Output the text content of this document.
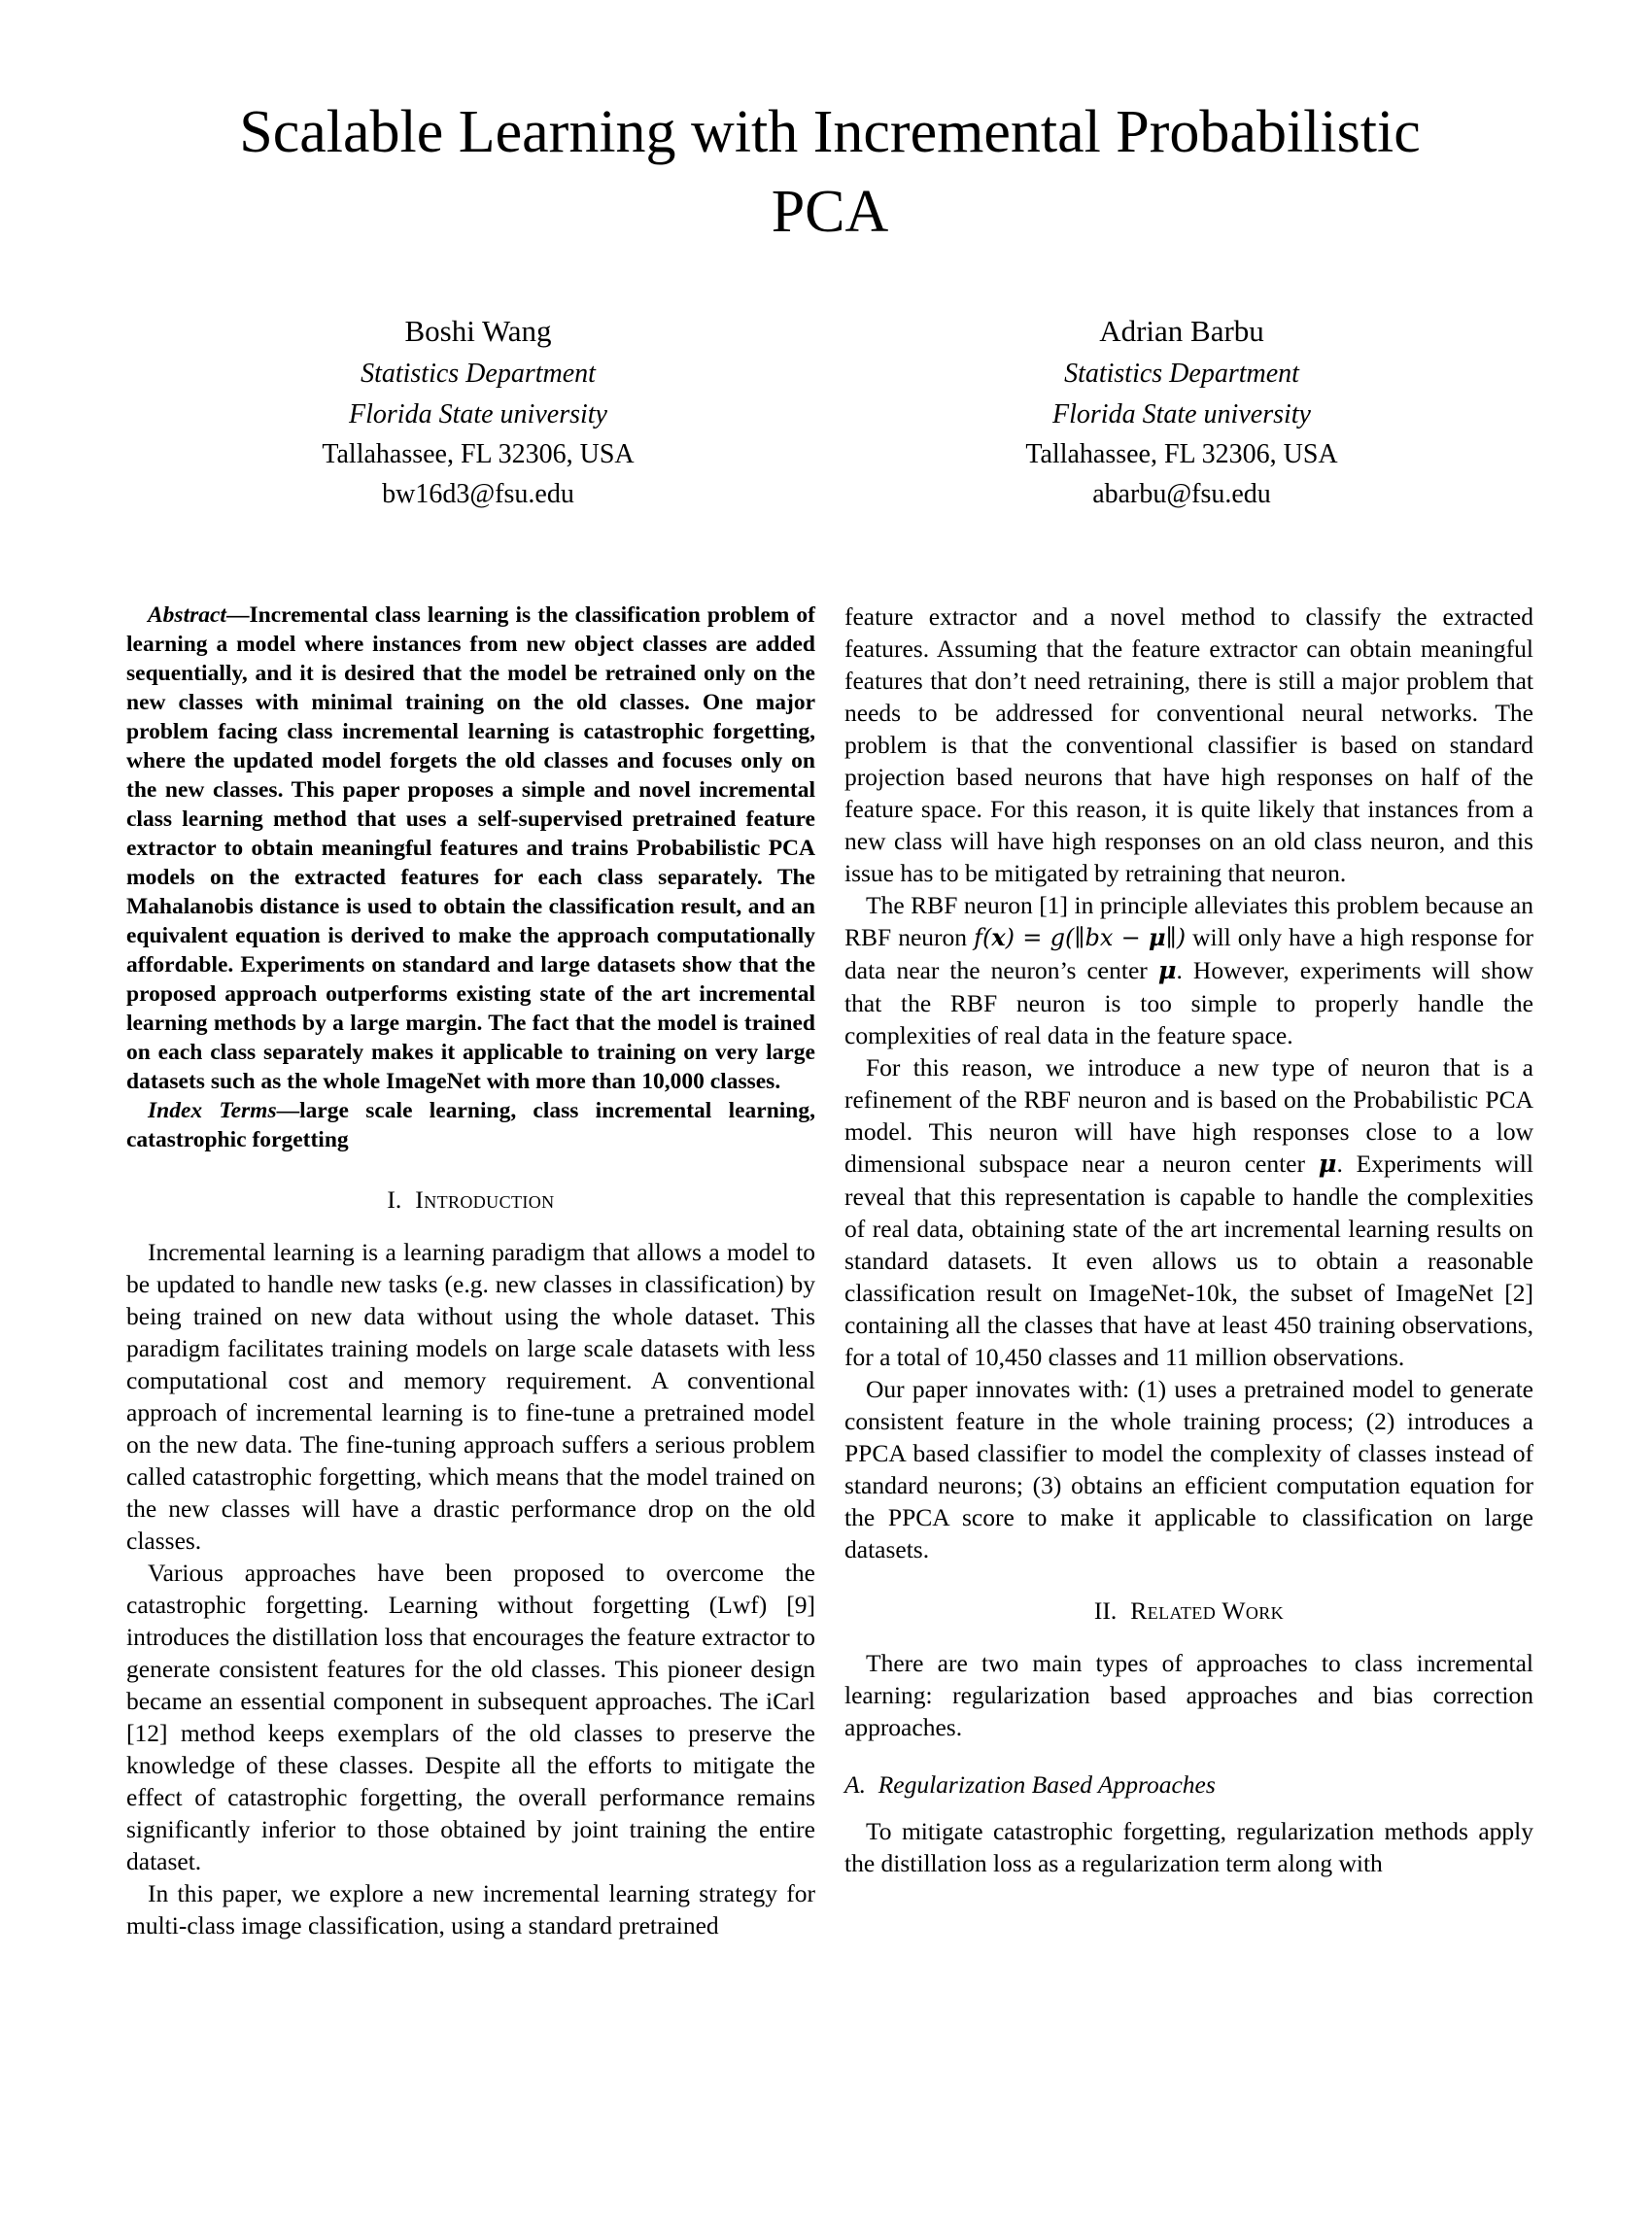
Scalable Learning with Incremental Probabilistic PCA
Boshi Wang
Statistics Department
Florida State university
Tallahassee, FL 32306, USA
bw16d3@fsu.edu
Adrian Barbu
Statistics Department
Florida State university
Tallahassee, FL 32306, USA
abarbu@fsu.edu

Abstract—Incremental class learning is the classification problem of learning a model where instances from new object classes are added sequentially, and it is desired that the model be retrained only on the new classes with minimal training on the old classes. One major problem facing class incremental learning is catastrophic forgetting, where the updated model forgets the old classes and focuses only on the new classes. This paper proposes a simple and novel incremental class learning method that uses a self-supervised pretrained feature extractor to obtain meaningful features and trains Probabilistic PCA models on the extracted features for each class separately. The Mahalanobis distance is used to obtain the classification result, and an equivalent equation is derived to make the approach computationally affordable. Experiments on standard and large datasets show that the proposed approach outperforms existing state of the art incremental learning methods by a large margin. The fact that the model is trained on each class separately makes it applicable to training on very large datasets such as the whole ImageNet with more than 10,000 classes.

Index Terms—large scale learning, class incremental learning, catastrophic forgetting

I. Introduction

Incremental learning is a learning paradigm that allows a model to be updated to handle new tasks (e.g. new classes in classification) by being trained on new data without using the whole dataset. This paradigm facilitates training models on large scale datasets with less computational cost and memory requirement. A conventional approach of incremental learning is to fine-tune a pretrained model on the new data. The fine-tuning approach suffers a serious problem called catastrophic forgetting, which means that the model trained on the new classes will have a drastic performance drop on the old classes.

Various approaches have been proposed to overcome the catastrophic forgetting. Learning without forgetting (Lwf) [9] introduces the distillation loss that encourages the feature extractor to generate consistent features for the old classes. This pioneer design became an essential component in subsequent approaches. The iCarl [12] method keeps exemplars of the old classes to preserve the knowledge of these classes. Despite all the efforts to mitigate the effect of catastrophic forgetting, the overall performance remains significantly inferior to those obtained by joint training the entire dataset.

In this paper, we explore a new incremental learning strategy for multi-class image classification, using a standard pretrained

feature extractor and a novel method to classify the extracted features. Assuming that the feature extractor can obtain meaningful features that don’t need retraining, there is still a major problem that needs to be addressed for conventional neural networks. The problem is that the conventional classifier is based on standard projection based neurons that have high responses on half of the feature space. For this reason, it is quite likely that instances from a new class will have high responses on an old class neuron, and this issue has to be mitigated by retraining that neuron.

The RBF neuron [1] in principle alleviates this problem because an RBF neuron f(x) = g(∥bx − μ∥) will only have a high response for data near the neuron’s center μ. However, experiments will show that the RBF neuron is too simple to properly handle the complexities of real data in the feature space.

For this reason, we introduce a new type of neuron that is a refinement of the RBF neuron and is based on the Probabilistic PCA model. This neuron will have high responses close to a low dimensional subspace near a neuron center μ. Experiments will reveal that this representation is capable to handle the complexities of real data, obtaining state of the art incremental learning results on standard datasets. It even allows us to obtain a reasonable classification result on ImageNet-10k, the subset of ImageNet [2] containing all the classes that have at least 450 training observations, for a total of 10,450 classes and 11 million observations.

Our paper innovates with: (1) uses a pretrained model to generate consistent feature in the whole training process; (2) introduces a PPCA based classifier to model the complexity of classes instead of standard neurons; (3) obtains an efficient computation equation for the PPCA score to make it applicable to classification on large datasets.

II. Related Work

There are two main types of approaches to class incremental learning: regularization based approaches and bias correction approaches.

A. Regularization Based Approaches

To mitigate catastrophic forgetting, regularization methods apply the distillation loss as a regularization term along with
